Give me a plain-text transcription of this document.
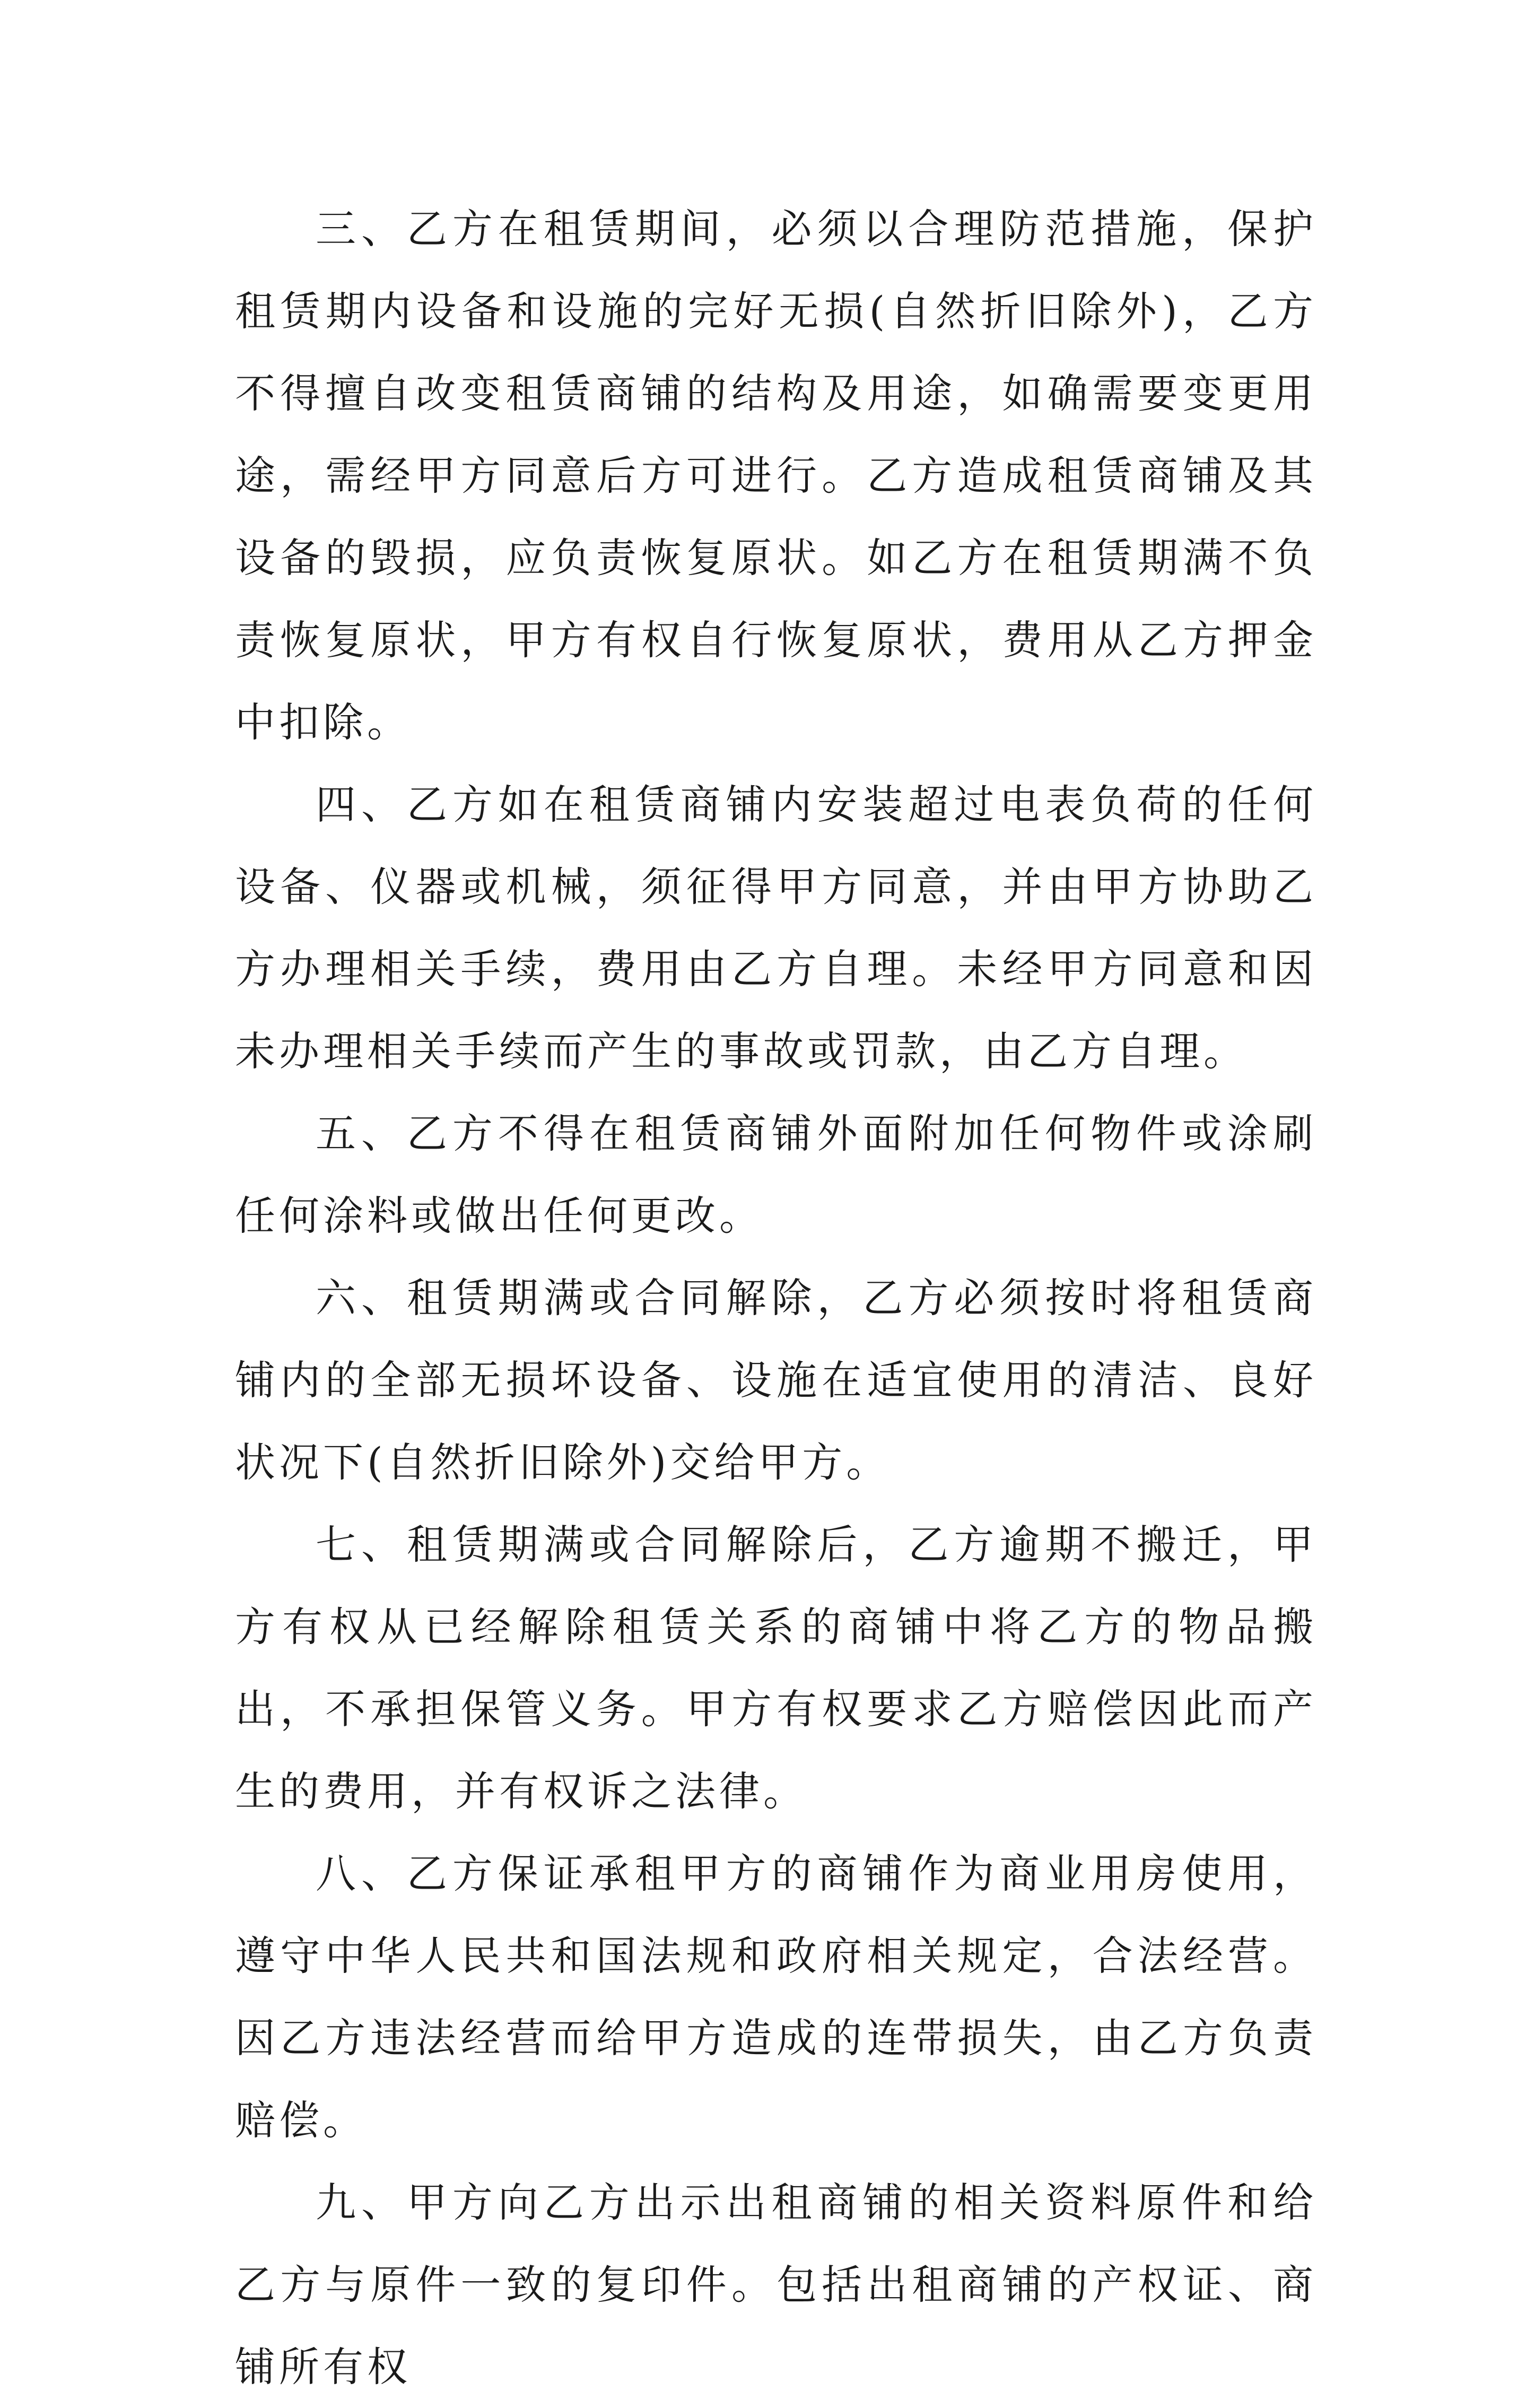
三、乙方在租赁期间，必须以合理防范措施，保护租赁期内设备和设施的完好无损(自然折旧除外)，乙方不得擅自改变租赁商铺的结构及用途，如确需要变更用途，需经甲方同意后方可进行。乙方造成租赁商铺及其设备的毁损，应负责恢复原状。如乙方在租赁期满不负责恢复原状，甲方有权自行恢复原状，费用从乙方押金中扣除。

四、乙方如在租赁商铺内安装超过电表负荷的任何设备、仪器或机械，须征得甲方同意，并由甲方协助乙方办理相关手续，费用由乙方自理。未经甲方同意和因未办理相关手续而产生的事故或罚款，由乙方自理。

五、乙方不得在租赁商铺外面附加任何物件或涂刷任何涂料或做出任何更改。

六、租赁期满或合同解除，乙方必须按时将租赁商铺内的全部无损坏设备、设施在适宜使用的清洁、良好状况下(自然折旧除外)交给甲方。

七、租赁期满或合同解除后，乙方逾期不搬迁，甲方有权从已经解除租赁关系的商铺中将乙方的物品搬出，不承担保管义务。甲方有权要求乙方赔偿因此而产生的费用，并有权诉之法律。

八、乙方保证承租甲方的商铺作为商业用房使用，遵守中华人民共和国法规和政府相关规定，合法经营。因乙方违法经营而给甲方造成的连带损失，由乙方负责赔偿。

九、甲方向乙方出示出租商铺的相关资料原件和给乙方与原件一致的复印件。包括出租商铺的产权证、商铺所有权
